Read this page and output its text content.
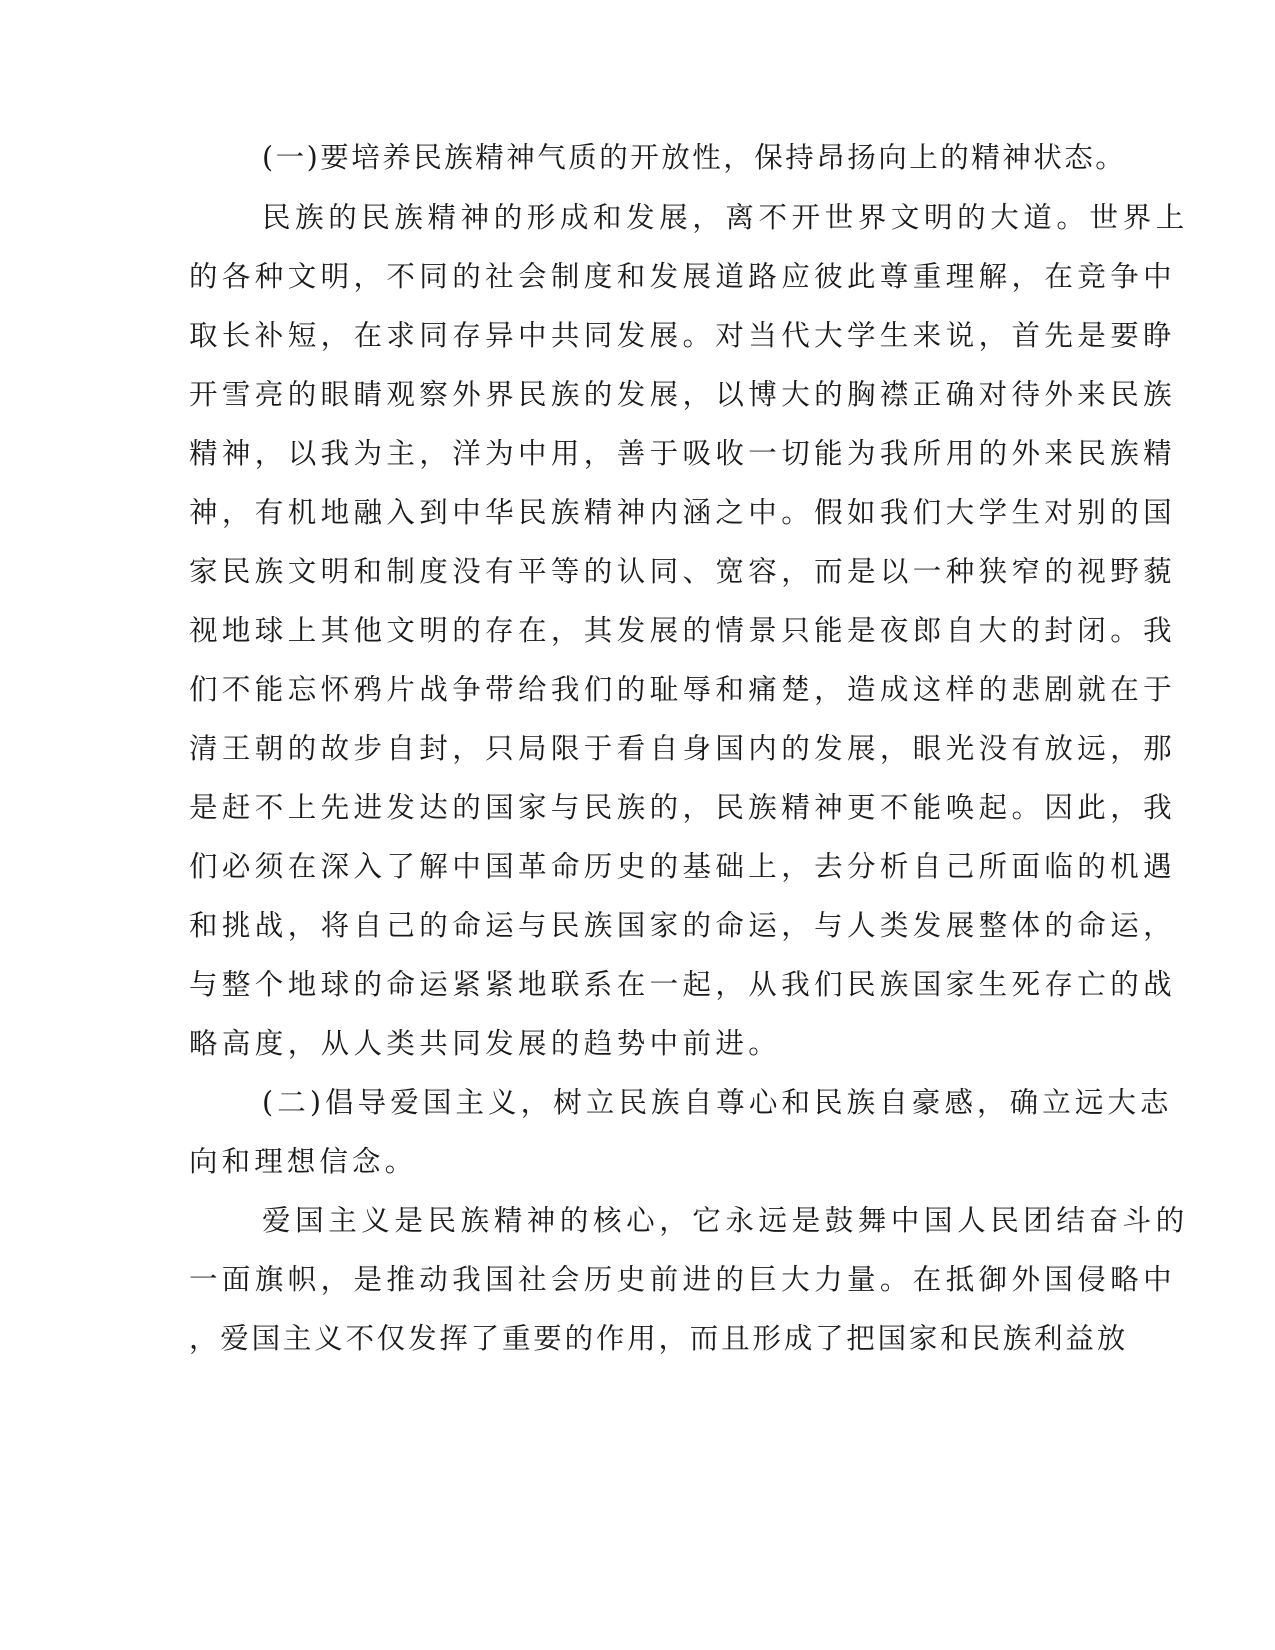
(一)要培养民族精神气质的开放性，保持昂扬向上的精神状态。
民族的民族精神的形成和发展，离不开世界文明的大道。世界上
的各种文明，不同的社会制度和发展道路应彼此尊重理解，在竞争中
取长补短，在求同存异中共同发展。对当代大学生来说，首先是要睁
开雪亮的眼睛观察外界民族的发展，以博大的胸襟正确对待外来民族
精神，以我为主，洋为中用，善于吸收一切能为我所用的外来民族精
神，有机地融入到中华民族精神内涵之中。假如我们大学生对别的国
家民族文明和制度没有平等的认同、宽容，而是以一种狭窄的视野藐
视地球上其他文明的存在，其发展的情景只能是夜郎自大的封闭。我
们不能忘怀鸦片战争带给我们的耻辱和痛楚，造成这样的悲剧就在于
清王朝的故步自封，只局限于看自身国内的发展，眼光没有放远，那
是赶不上先进发达的国家与民族的，民族精神更不能唤起。因此，我
们必须在深入了解中国革命历史的基础上，去分析自己所面临的机遇
和挑战，将自己的命运与民族国家的命运，与人类发展整体的命运，
与整个地球的命运紧紧地联系在一起，从我们民族国家生死存亡的战
略高度，从人类共同发展的趋势中前进。
(二)倡导爱国主义，树立民族自尊心和民族自豪感，确立远大志
向和理想信念。
爱国主义是民族精神的核心，它永远是鼓舞中国人民团结奋斗的
一面旗帜，是推动我国社会历史前进的巨大力量。在抵御外国侵略中
，爱国主义不仅发挥了重要的作用，而且形成了把国家和民族利益放
